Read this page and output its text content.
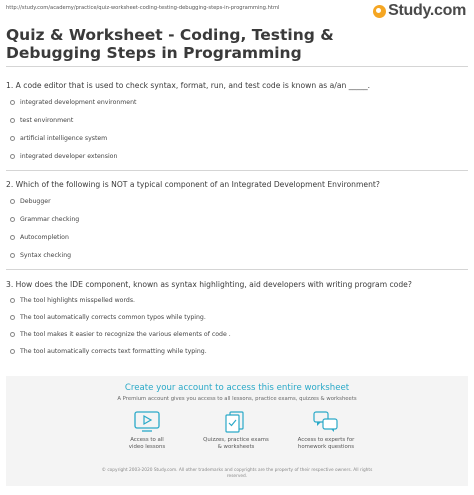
http://study.com/academy/practice/quiz-worksheet-coding-testing-debugging-steps-in-programming.html	Study.com
Quiz & Worksheet - Coding, Testing & Debugging Steps in Programming
1. A code editor that is used to check syntax, format, run, and test code is known as a/an _____.
integrated development environment
test environment
artificial intelligence system
integrated developer extension
2. Which of the following is NOT a typical component of an Integrated Development Environment?
Debugger
Grammar checking
Autocompletion
Syntax checking
3. How does the IDE component, known as syntax highlighting, aid developers with writing program code?
The tool highlights misspelled words.
The tool automatically corrects common typos while typing.
The tool makes it easier to recognize the various elements of code .
The tool automatically corrects text formatting while typing.
Create your account to access this entire worksheet
A Premium account gives you access to all lessons, practice exams, quizzes & worksheets
Access to all
video lessons
Quizzes, practice exams
& worksheets
Access to experts for
homework questions
© copyright 2003-2020 Study.com. All other trademarks and copyrights are the property of their respective owners. All rights
reserved.
